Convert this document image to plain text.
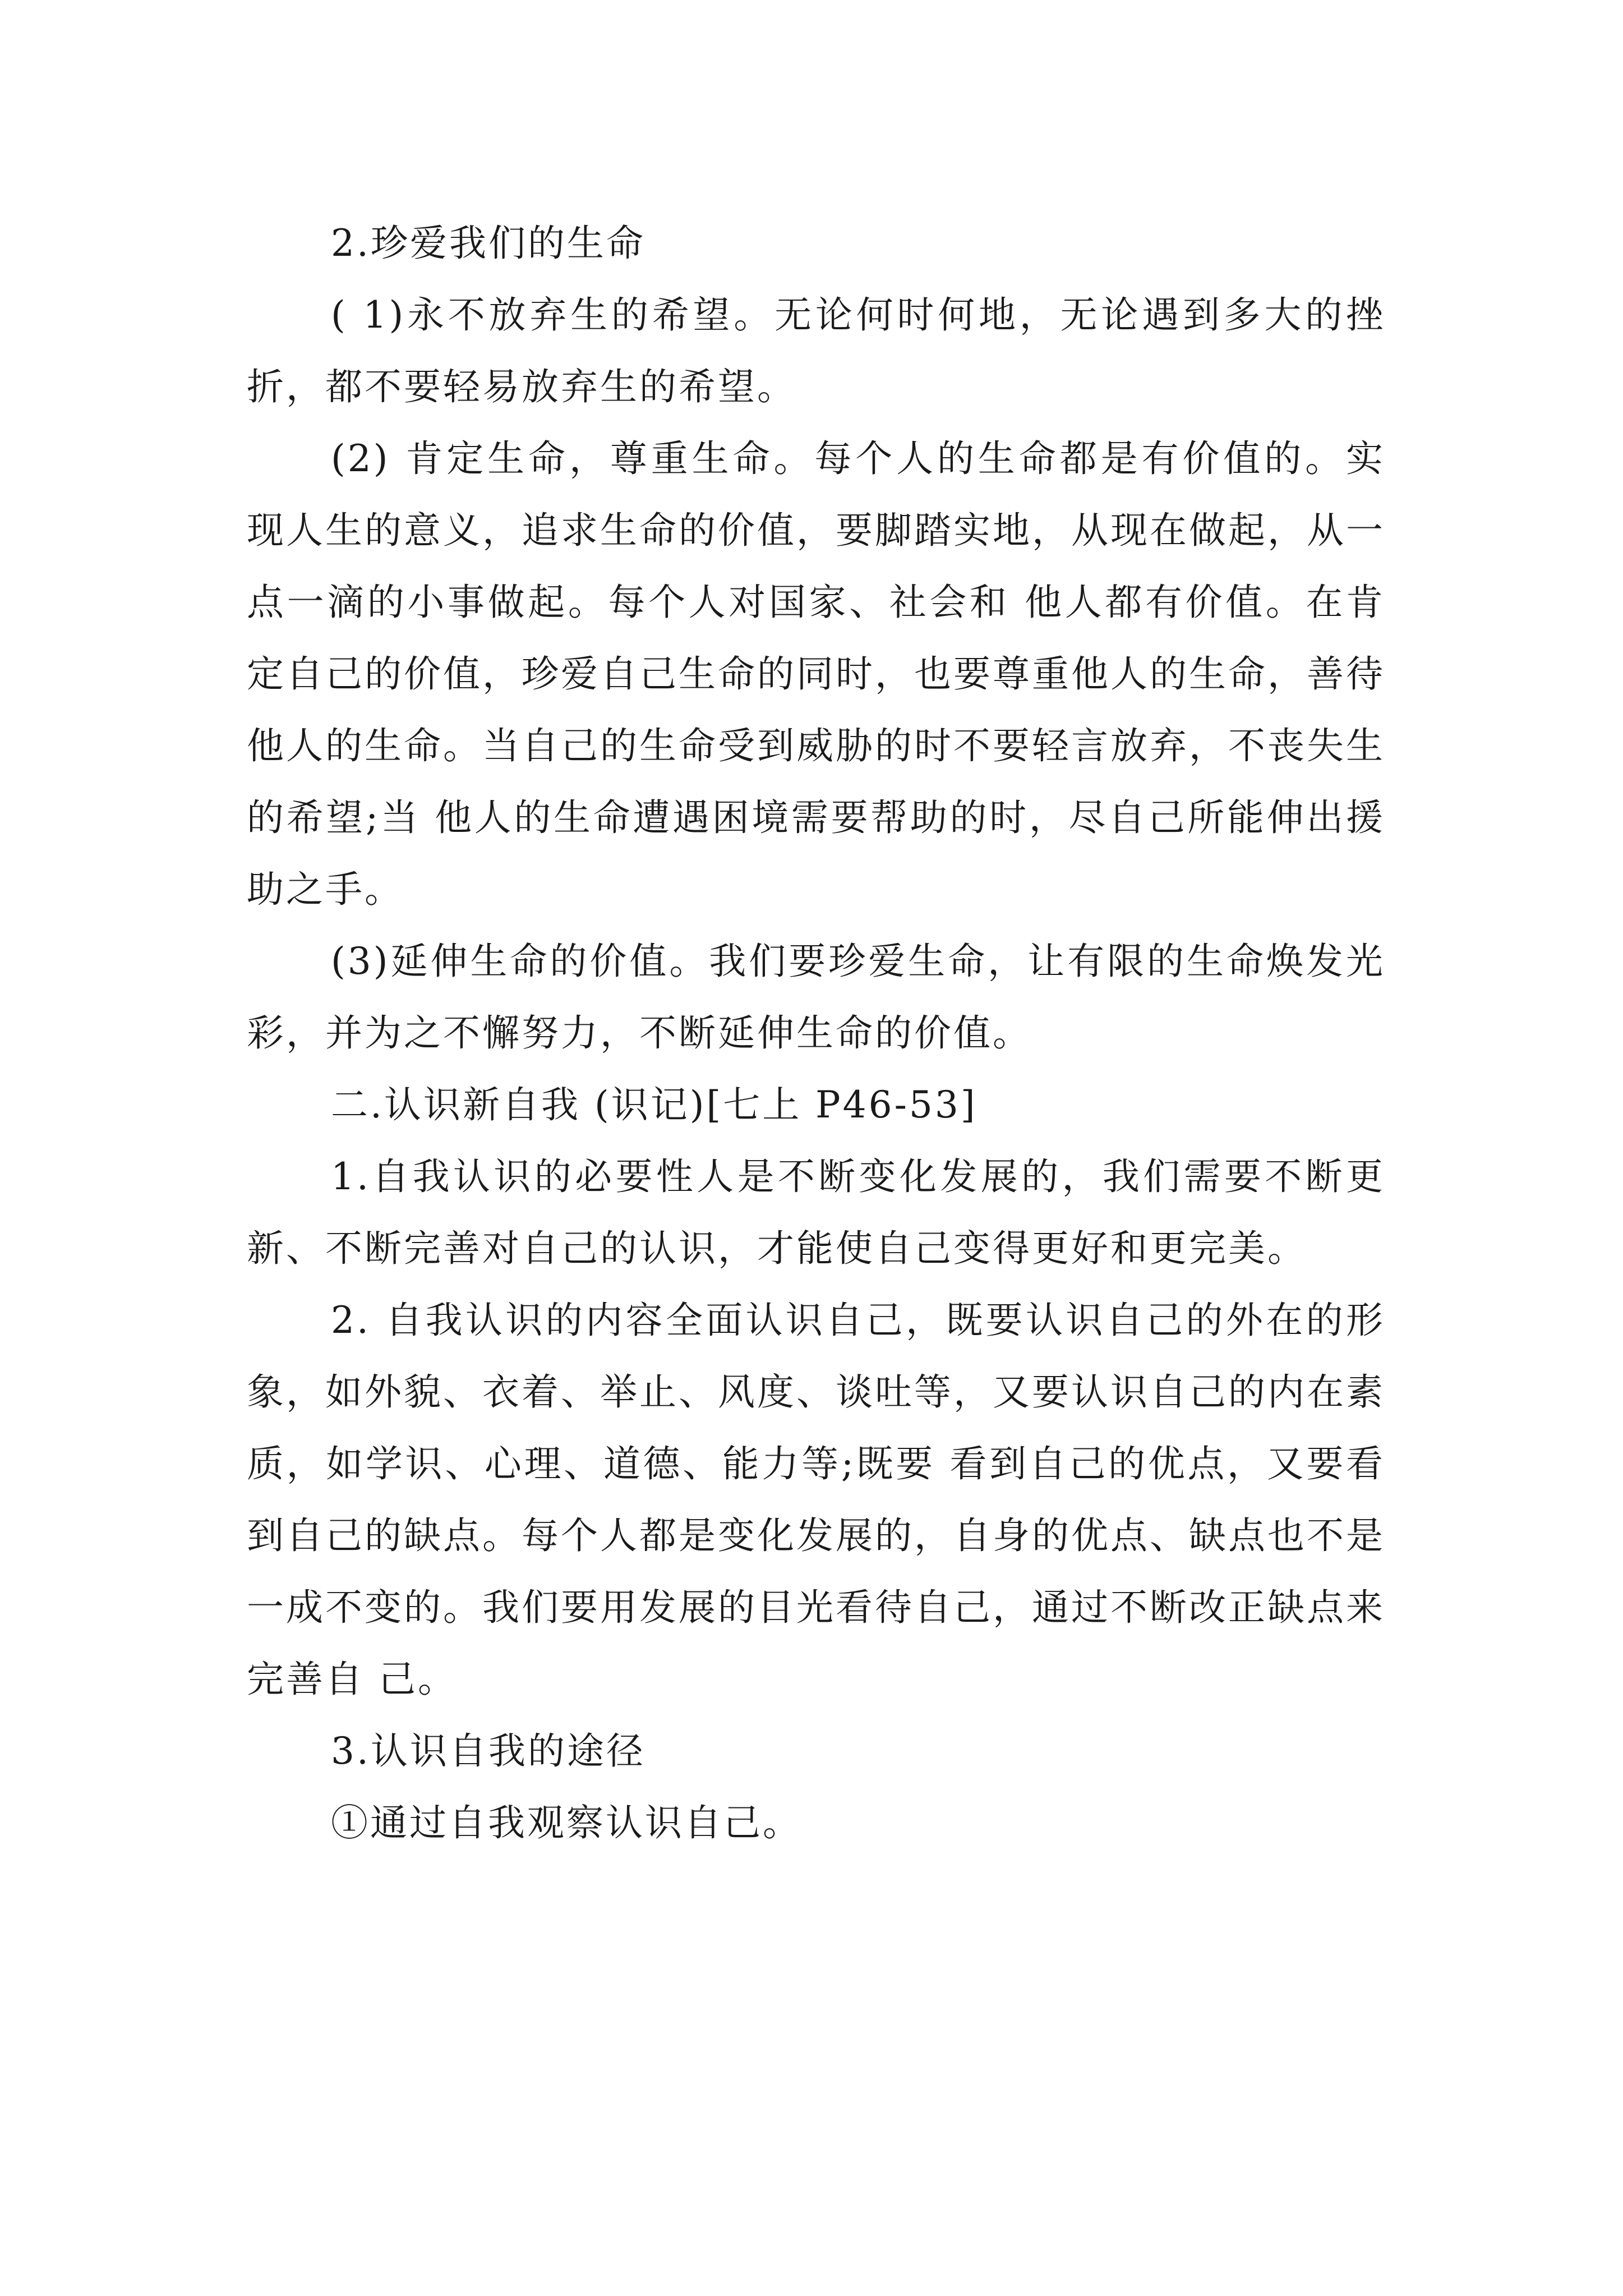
2.珍爱我们的生命

( 1)永不放弃生的希望。无论何时何地，无论遇到多大的挫折，都不要轻易放弃生的希望。

(2) 肯定生命，尊重生命。每个人的生命都是有价值的。实现人生的意义，追求生命的价值，要脚踏实地，从现在做起，从一点一滴的小事做起。每个人对国家、社会和 他人都有价值。在肯定自己的价值，珍爱自己生命的同时，也要尊重他人的生命，善待他人的生命。当自己的生命受到威胁的时不要轻言放弃，不丧失生的希望;当 他人的生命遭遇困境需要帮助的时，尽自己所能伸出援助之手。

(3)延伸生命的价值。我们要珍爱生命，让有限的生命焕发光彩，并为之不懈努力，不断延伸生命的价值。

二.认识新自我 (识记)[七上 P46-53]

1.自我认识的必要性人是不断变化发展的，我们需要不断更新、不断完善对自己的认识，才能使自己变得更好和更完美。

2. 自我认识的内容全面认识自己，既要认识自己的外在的形象，如外貌、衣着、举止、风度、谈吐等，又要认识自己的内在素质，如学识、心理、道德、能力等;既要 看到自己的优点，又要看到自己的缺点。每个人都是变化发展的，自身的优点、缺点也不是一成不变的。我们要用发展的目光看待自己，通过不断改正缺点来完善自 己。

3.认识自我的途径

①通过自我观察认识自己。
